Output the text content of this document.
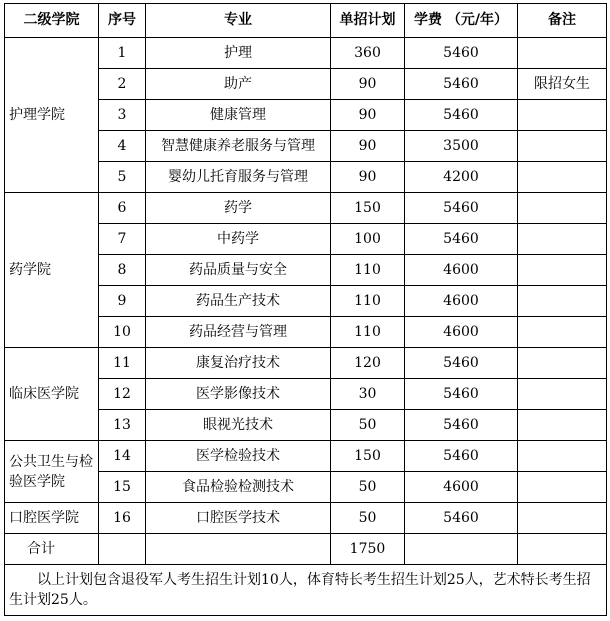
二级学院	序号	专业	单招计划	学费 （元/年）	备注
护理学院	1	护理	360	5460	
	2	助产	90	5460	限招女生
	3	健康管理	90	5460	
	4	智慧健康养老服务与管理	90	3500	
	5	婴幼儿托育服务与管理	90	4200	
药学院	6	药学	150	5460	
	7	中药学	100	5460	
	8	药品质量与安全	110	4600	
	9	药品生产技术	110	4600	
	10	药品经营与管理	110	4600	
临床医学院	11	康复治疗技术	120	5460	
	12	医学影像技术	30	5460	
	13	眼视光技术	50	5460	
公共卫生与检验医学院	14	医学检验技术	150	5460	
	15	食品检验检测技术	50	4600	
口腔医学院	16	口腔医学技术	50	5460	
合计			1750		
以上计划包含退役军人考生招生计划10人，体育特长考生招生计划25人，艺术特长考生招生计划25人。					
